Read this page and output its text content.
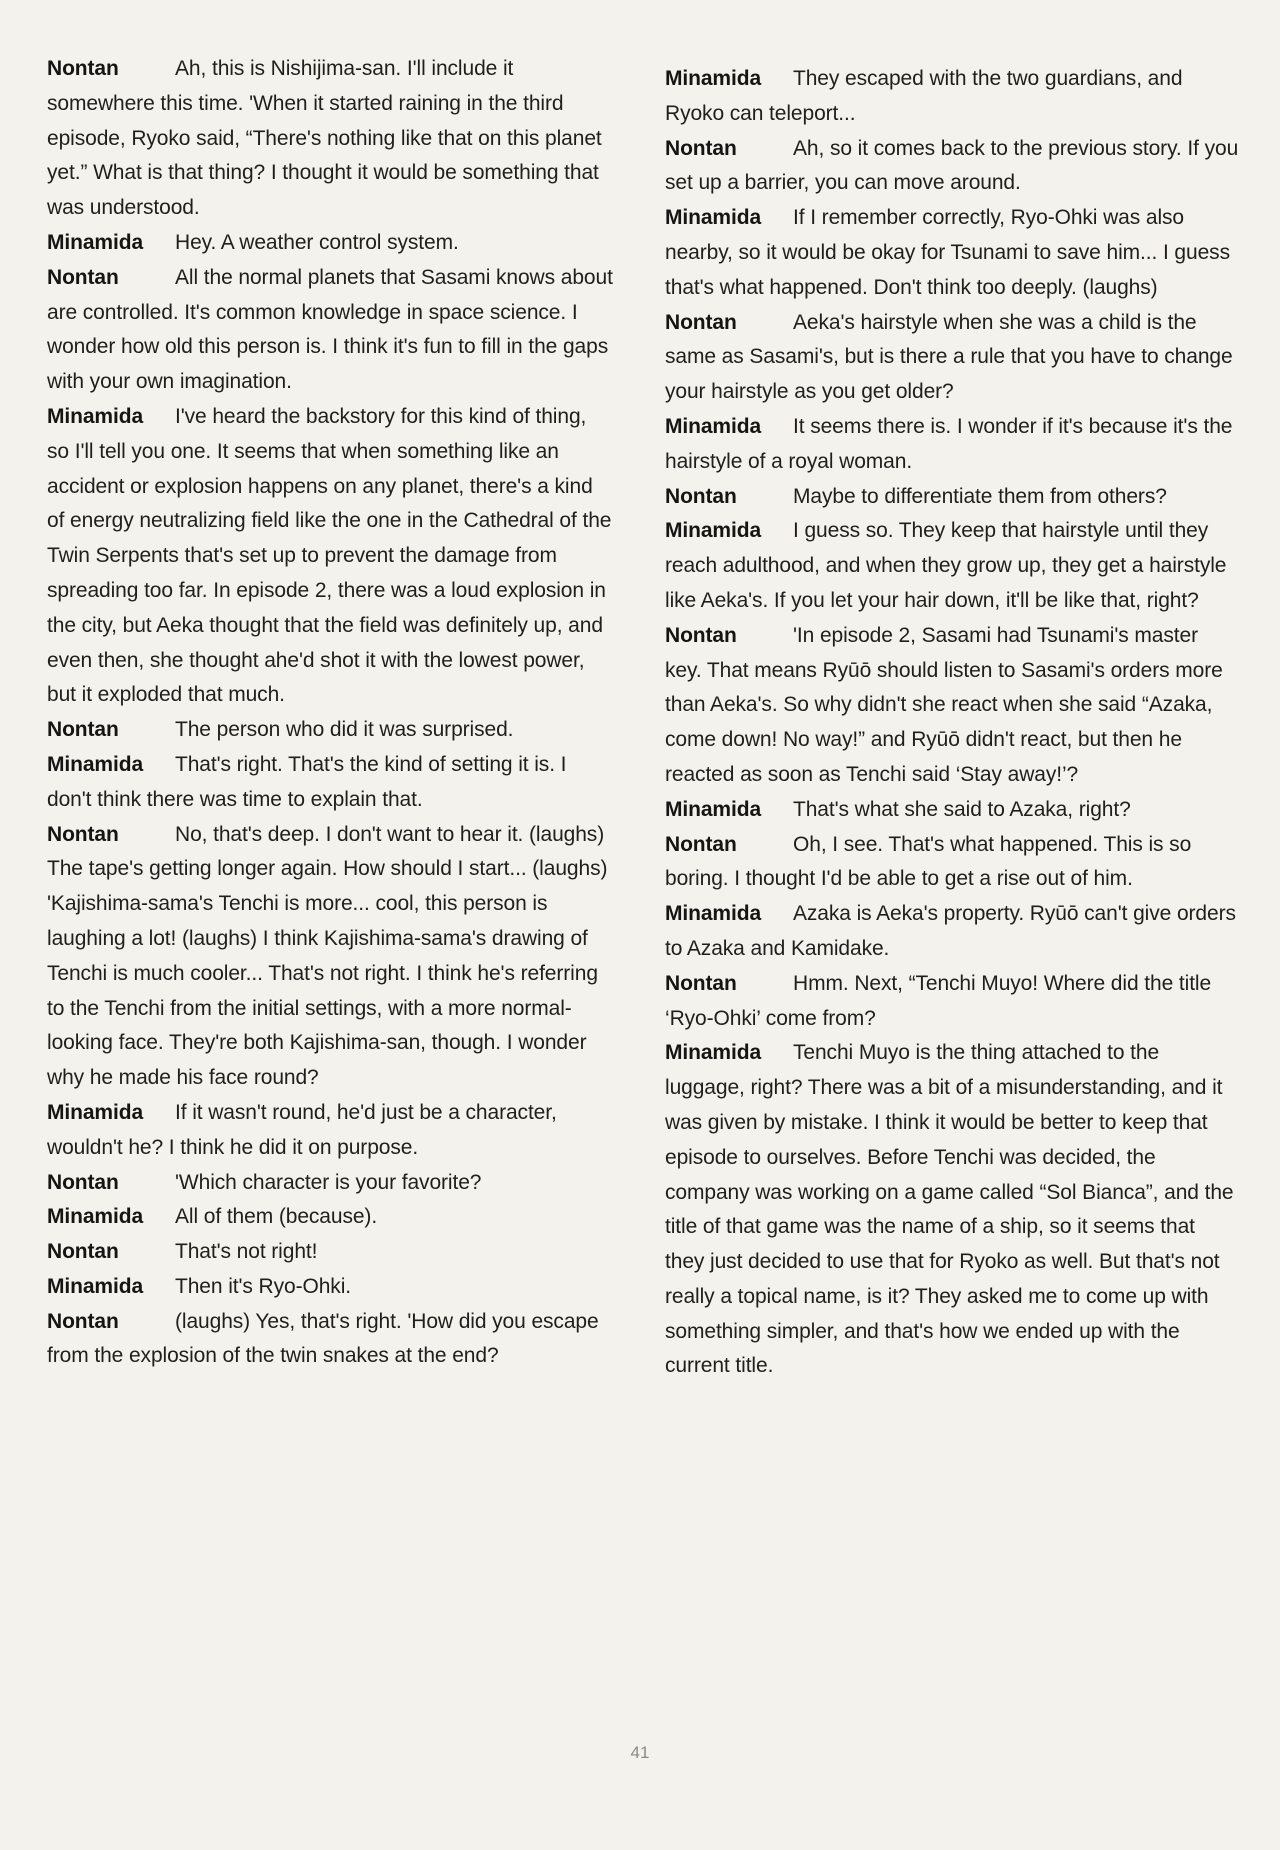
Nontan	Ah, this is Nishijima-san. I'll include it somewhere this time. 'When it started raining in the third episode, Ryoko said, “There's nothing like that on this planet yet.” What is that thing? I thought it would be something that was understood.

Minamida Hey. A weather control system.

Nontan	All the normal planets that Sasami knows about are controlled. It's common knowledge in space science. I wonder how old this person is. I think it's fun to fill in the gaps with your own imagination.

Minamida I've heard the backstory for this kind of thing, so I'll tell you one. It seems that when something like an accident or explosion happens on any planet, there's a kind of energy neutralizing field like the one in the Cathedral of the Twin Serpents that's set up to prevent the damage from spreading too far. In episode 2, there was a loud explosion in the city, but Aeka thought that the field was definitely up, and even then, she thought ahe'd shot it with the lowest power, but it exploded that much.

Nontan	The person who did it was surprised.

Minamida That's right. That's the kind of setting it is. I don't think there was time to explain that.

Nontan	No, that's deep. I don't want to hear it. (laughs) The tape's getting longer again. How should I start... (laughs) 'Kajishima-sama's Tenchi is more... cool, this person is laughing a lot! (laughs) I think Kajishima-sama's drawing of Tenchi is much cooler... That's not right. I think he's referring to the Tenchi from the initial settings, with a more normal-looking face. They're both Kajishima-san, though. I wonder why he made his face round?

Minamida If it wasn't round, he'd just be a character, wouldn't he? I think he did it on purpose.

Nontan	'Which character is your favorite?

Minamida All of them (because).

Nontan	That's not right!

Minamida Then it's Ryo-Ohki.

Nontan	(laughs) Yes, that's right. 'How did you escape from the explosion of the twin snakes at the end?

Minamida They escaped with the two guardians, and Ryoko can teleport...

Nontan	Ah, so it comes back to the previous story. If you set up a barrier, you can move around.

Minamida If I remember correctly, Ryo-Ohki was also nearby, so it would be okay for Tsunami to save him... I guess that's what happened. Don't think too deeply. (laughs)

Nontan	Aeka's hairstyle when she was a child is the same as Sasami's, but is there a rule that you have to change your hairstyle as you get older?

Minamida It seems there is. I wonder if it's because it's the hairstyle of a royal woman.

Nontan	Maybe to differentiate them from others?

Minamida I guess so. They keep that hairstyle until they reach adulthood, and when they grow up, they get a hairstyle like Aeka's. If you let your hair down, it'll be like that, right?

Nontan	'In episode 2, Sasami had Tsunami's master key. That means Ryūō should listen to Sasami's orders more than Aeka's. So why didn't she react when she said “Azaka, come down! No way!” and Ryūō didn't react, but then he reacted as soon as Tenchi said ‘Stay away!’?

Minamida That's what she said to Azaka, right?

Nontan	Oh, I see. That's what happened. This is so boring. I thought I'd be able to get a rise out of him.

Minamida Azaka is Aeka's property. Ryūō can't give orders to Azaka and Kamidake.

Nontan	Hmm. Next, “Tenchi Muyo! Where did the title ‘Ryo-Ohki’ come from?

Minamida Tenchi Muyo is the thing attached to the luggage, right? There was a bit of a misunderstanding, and it was given by mistake. I think it would be better to keep that episode to ourselves. Before Tenchi was decided, the company was working on a game called “Sol Bianca”, and the title of that game was the name of a ship, so it seems that they just decided to use that for Ryoko as well. But that's not really a topical name, is it? They asked me to come up with something simpler, and that's how we ended up with the current title.

41
